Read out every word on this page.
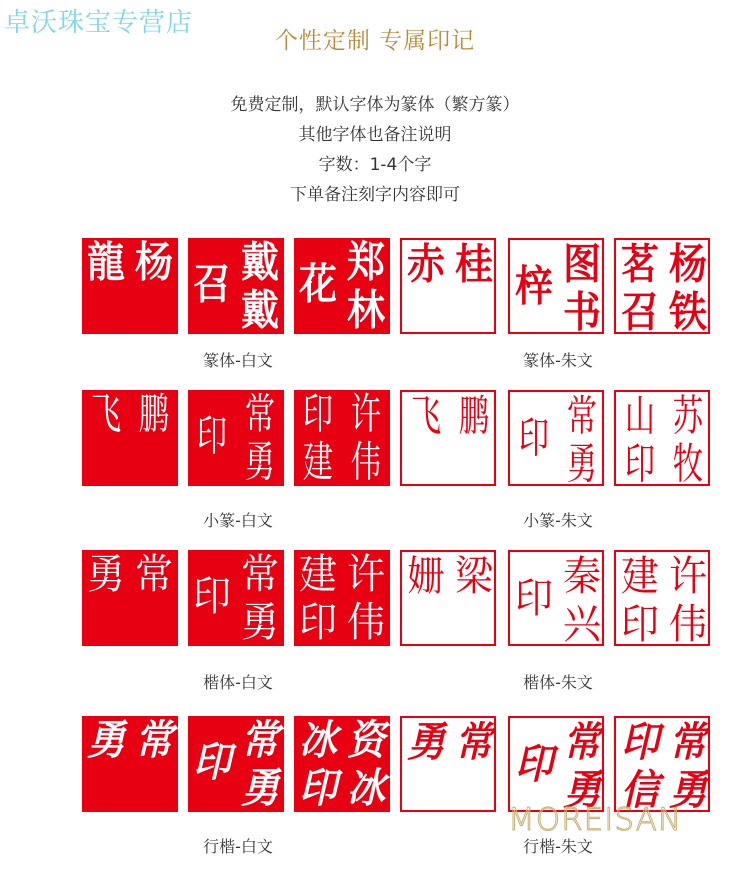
卓沃珠宝专营店
个性定制 专属印记
免费定制，默认字体为篆体（繁方篆）
其他字体也备注说明
字数：1-4个字
下单备注刻字内容即可
杨
龍	戴
戴
召	郑
林
花	桂
赤	图
书
梓	杨
铁
茗
召
篆体-白文	篆体-朱文
鹏
飞	常
勇
印	许
伟
印
建
鹏
飞	常
勇
印	苏
牧
山
印
小篆-白文	小篆-朱文
常
勇	常
勇
印	许
伟
建
印
梁
姗	秦
兴
印	许
伟
建
印
楷体-白文	楷体-朱文
常
勇	常
勇
印	资
冰
冰
印
常
勇	常
勇
印	常
勇
印
信
行楷-白文	行楷-朱文
MOREISAN
